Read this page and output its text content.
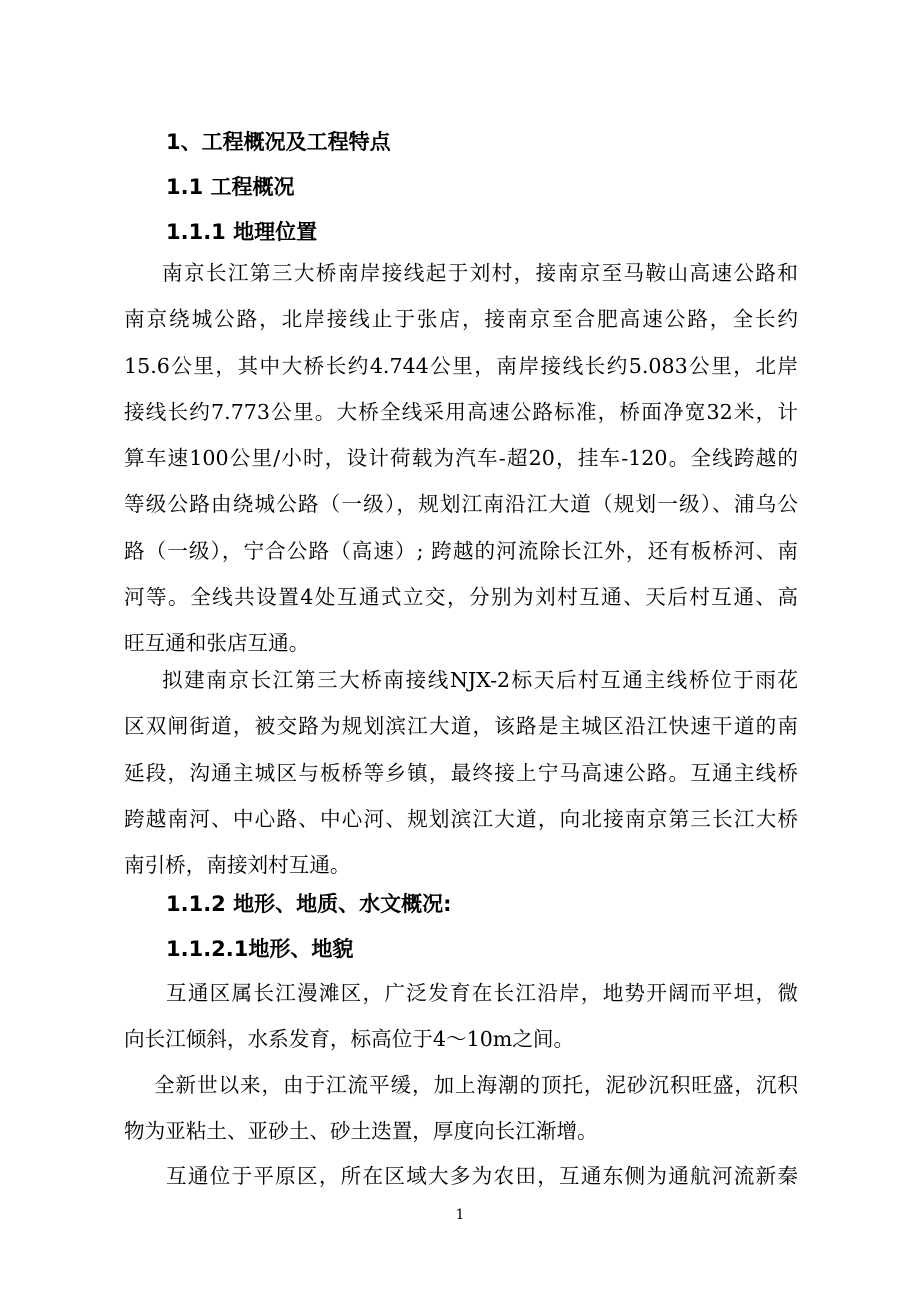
1、工程概况及工程特点
1.1 工程概况
1.1.1 地理位置
南京长江第三大桥南岸接线起于刘村，接南京至马鞍山高速公路和
南京绕城公路，北岸接线止于张店，接南京至合肥高速公路，全长约
15.6公里，其中大桥长约4.744公里，南岸接线长约5.083公里，北岸
接线长约7.773公里。大桥全线采用高速公路标准，桥面净宽32米，计
算车速100公里/小时，设计荷载为汽车-超20，挂车-120。全线跨越的
等级公路由绕城公路（一级），规划江南沿江大道（规划一级）、浦乌公
路（一级），宁合公路（高速）; 跨越的河流除长江外，还有板桥河、南
河等。全线共设置4处互通式立交，分别为刘村互通、天后村互通、高
旺互通和张店互通。
拟建南京长江第三大桥南接线NJX-2标天后村互通主线桥位于雨花
区双闸街道，被交路为规划滨江大道，该路是主城区沿江快速干道的南
延段，沟通主城区与板桥等乡镇，最终接上宁马高速公路。互通主线桥
跨越南河、中心路、中心河、规划滨江大道，向北接南京第三长江大桥
南引桥，南接刘村互通。
1.1.2 地形、地质、水文概况:
1.1.2.1地形、地貌
互通区属长江漫滩区，广泛发育在长江沿岸，地势开阔而平坦，微
向长江倾斜，水系发育，标高位于4～10m之间。
全新世以来，由于江流平缓，加上海潮的顶托，泥砂沉积旺盛，沉积
物为亚粘土、亚砂土、砂土迭置，厚度向长江渐增。
互通位于平原区，所在区域大多为农田，互通东侧为通航河流新秦
1
